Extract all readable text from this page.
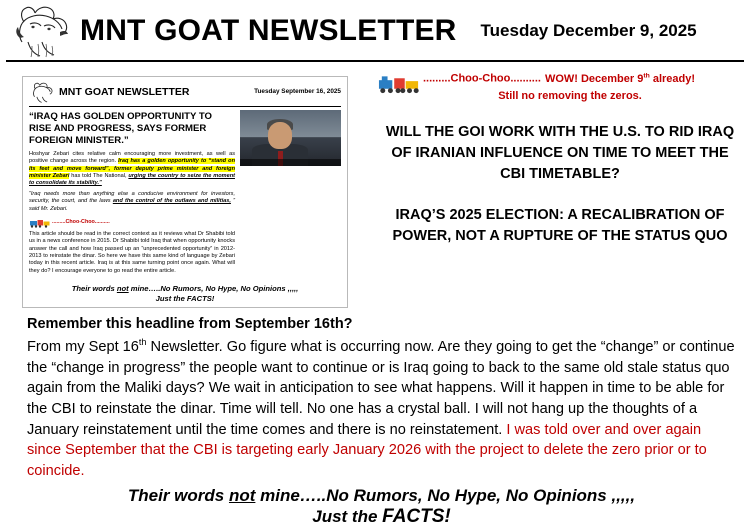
MNT GOAT NEWSLETTER Tuesday December 9, 2025
MNT GOAT NEWSLETTER	Tuesday September 16, 2025
“IRAQ HAS GOLDEN OPPORTUNITY TO RISE AND PROGRESS, SAYS FORMER FOREIGN MINISTER.”
Hoshyar Zebari cites relative calm encouraging more investment, as well as positive change across the region. Iraq has a golden opportunity to “stand on its feet and move forward”, former deputy prime minister and foreign minister Zebari has told The National, urging the country to seize the moment to consolidate its stability.”
“Iraq needs more than anything else a conducive environment for investors, security, the court, and the laws and the control of the outlaws and militias, ” said Mr. Zebari.
.........Choo-Choo..........
This article should be read in the correct context as it reviews what Dr Shabibi told us in a news conference in 2015. Dr Shabibi told Iraq that when opportunity knocks answer the call and how Iraq passed up an “unprecedented opportunity” in 2012-2013 to reinstate the dinar. So here we have this same kind of language by Zebari today in this recent article. Iraq is at this same turning point once again. What will they do? I encourage everyone to go read the entire article.
Their words not mine…..No Rumors, No Hype, No Opinions ,,,,,
Just the FACTS!
.........Choo-Choo.......... WOW! December 9th already!
Still no removing the zeros.
WILL THE GOI WORK WITH THE U.S. TO RID IRAQ OF IRANIAN INFLUENCE ON TIME TO MEET THE CBI TIMETABLE?
IRAQ’S 2025 ELECTION: A RECALIBRATION OF POWER, NOT A RUPTURE OF THE STATUS QUO
Remember this headline from September 16th?
From my Sept 16th Newsletter. Go figure what is occurring now. Are they going to get the “change” or continue the “change in progress” the people want to continue or is Iraq going to back to the same old stale status quo again from the Maliki days? We wait in anticipation to see what happens. Will it happen in time to be able for the CBI to reinstate the dinar. Time will tell. No one has a crystal ball. I will not hang up the thoughts of a January reinstatement until the time comes and there is no reinstatement. I was told over and over again since September that the CBI is targeting early January 2026 with the project to delete the zero prior or to coincide.
Their words not mine…..No Rumors, No Hype, No Opinions ,,,,,
Just the FACTS!
